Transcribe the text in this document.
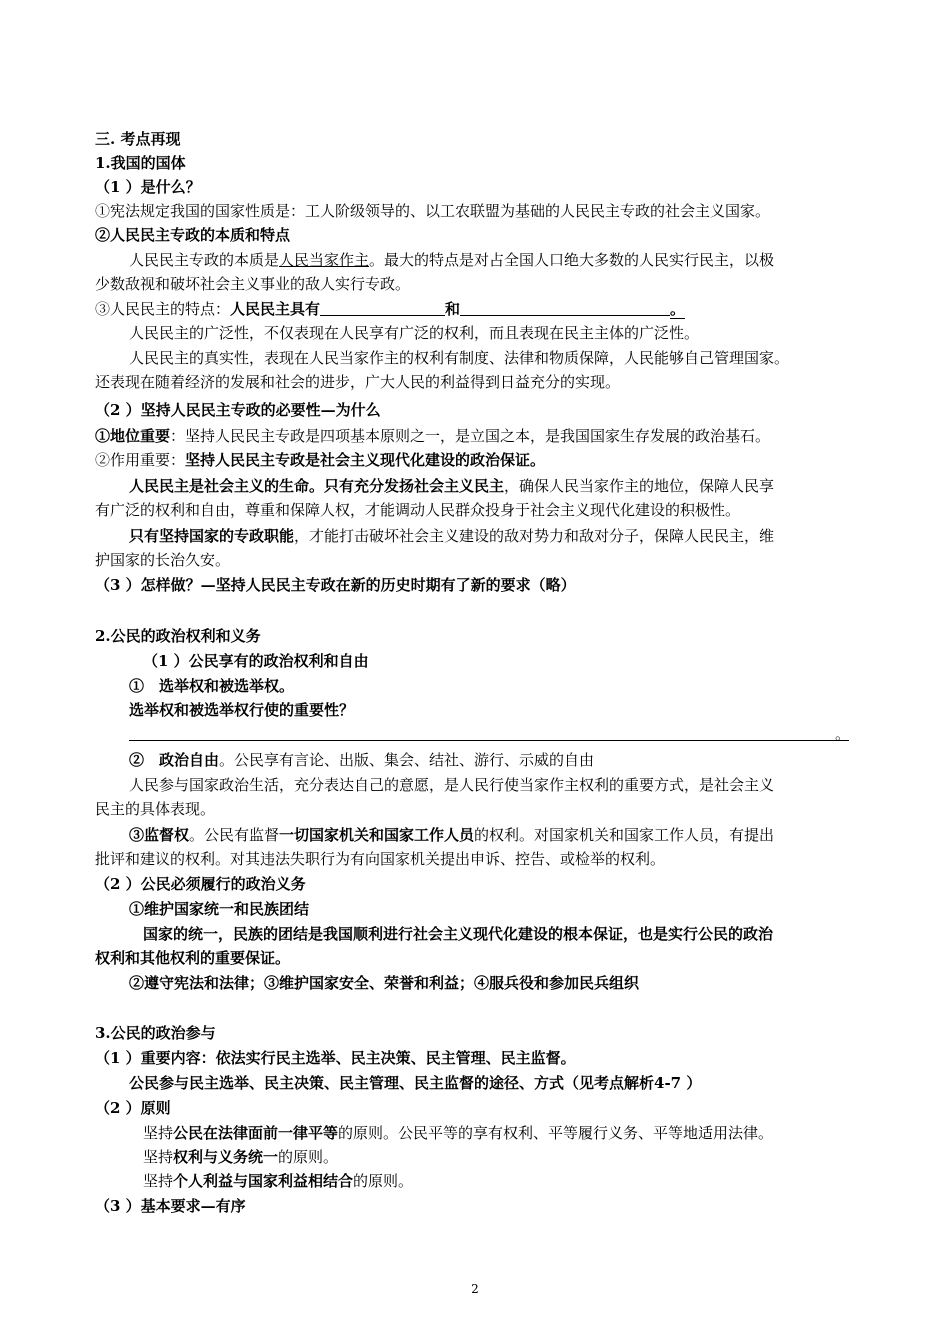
三. 考点再现
1.我国的国体
（1 ）是什么？
①宪法规定我国的国家性质是：工人阶级领导的、以工农联盟为基础的人民民主专政的社会主义国家。
②人民民主专政的本质和特点
人民民主专政的本质是人民当家作主。最大的特点是对占全国人口绝大多数的人民实行民主，以极
少数敌视和破坏社会主义事业的敌人实行专政。
③人民民主的特点：人民民主具有	和	。
人民民主的广泛性，不仅表现在人民享有广泛的权利，而且表现在民主主体的广泛性。
人民民主的真实性，表现在人民当家作主的权利有制度、法律和物质保障，人民能够自己管理国家。
还表现在随着经济的发展和社会的进步，广大人民的利益得到日益充分的实现。
（2 ）坚持人民民主专政的必要性—为什么
①地位重要：坚持人民民主专政是四项基本原则之一，是立国之本，是我国国家生存发展的政治基石。
②作用重要：坚持人民民主专政是社会主义现代化建设的政治保证。
人民民主是社会主义的生命。只有充分发扬社会主义民主，确保人民当家作主的地位，保障人民享
有广泛的权利和自由，尊重和保障人权，才能调动人民群众投身于社会主义现代化建设的积极性。
只有坚持国家的专政职能，才能打击破坏社会主义建设的敌对势力和敌对分子，保障人民民主，维
护国家的长治久安。
（3 ）怎样做？—坚持人民民主专政在新的历史时期有了新的要求（略）
2.公民的政治权利和义务
（1 ）公民享有的政治权利和自由
①　选举权和被选举权。
选举权和被选举权行使的重要性？
。
②　政治自由。公民享有言论、出版、集会、结社、游行、示威的自由
人民参与国家政治生活，充分表达自己的意愿，是人民行使当家作主权利的重要方式，是社会主义
民主的具体表现。
③监督权。公民有监督一切国家机关和国家工作人员的权利。对国家机关和国家工作人员，有提出
批评和建议的权利。对其违法失职行为有向国家机关提出申诉、控告、或检举的权利。
（2 ）公民必须履行的政治义务
①维护国家统一和民族团结
国家的统一，民族的团结是我国顺利进行社会主义现代化建设的根本保证，也是实行公民的政治
权利和其他权利的重要保证。
②遵守宪法和法律；③维护国家安全、荣誉和利益；④服兵役和参加民兵组织
3.公民的政治参与
（1 ）重要内容：依法实行民主选举、民主决策、民主管理、民主监督。
公民参与民主选举、民主决策、民主管理、民主监督的途径、方式（见考点解析4-7 ）
（2 ）原则
坚持公民在法律面前一律平等的原则。公民平等的享有权利、平等履行义务、平等地适用法律。
坚持权利与义务统一的原则。
坚持个人利益与国家利益相结合的原则。
（3 ）基本要求—有序
2
